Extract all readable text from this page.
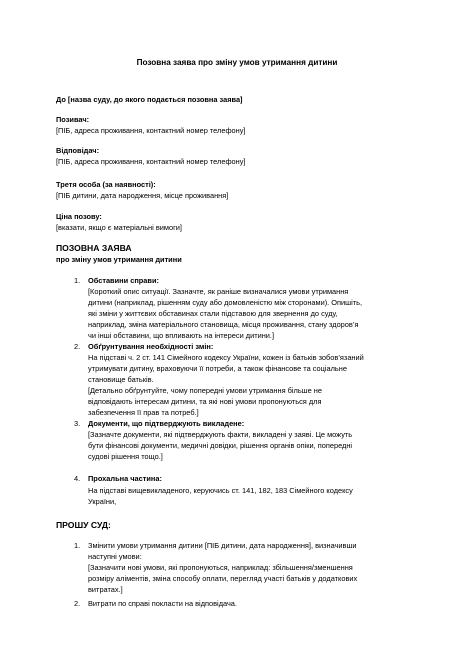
Позовна заява про зміну умов утримання дитини

До [назва суду, до якого подається позовна заява]

Позивач:

[ПІБ, адреса проживання, контактний номер телефону]

Відповідач:

[ПІБ, адреса проживання, контактний номер телефону]

Третя особа (за наявності):

[ПІБ дитини, дата народження, місце проживання]

Ціна позову:

[вказати, якщо є матеріальні вимоги]

ПОЗОВНА ЗАЯВА

про зміну умов утримання дитини

1. Обставини справи:

[Короткий опис ситуації. Зазначте, як раніше визначалися умови утримання

дитини (наприклад, рішенням суду або домовленістю між сторонами). Опишіть,

які зміни у життєвих обставинах стали підставою для звернення до суду,

наприклад, зміна матеріального становища, місця проживання, стану здоров’я

чи інші обставини, що впливають на інтереси дитини.]

2. Обґрунтування необхідності змін:

На підставі ч. 2 ст. 141 Сімейного кодексу України, кожен із батьків зобов’язаний

утримувати дитину, враховуючи її потреби, а також фінансове та соціальне

становище батьків.

[Детально обґрунтуйте, чому попередні умови утримання більше не

відповідають інтересам дитини, та які нові умови пропонуються для

забезпечення її прав та потреб.]

3. Документи, що підтверджують викладене:

[Зазначте документи, які підтверджують факти, викладені у заяві. Це можуть

бути фінансові документи, медичні довідки, рішення органів опіки, попередні

судові рішення тощо.]

4. Прохальна частина:

На підставі вищевикладеного, керуючись ст. 141, 182, 183 Сімейного кодексу

України,

ПРОШУ СУД:

1. Змінити умови утримання дитини [ПІБ дитини, дата народження], визначивши

наступні умови:

[Зазначити нові умови, які пропонуються, наприклад: збільшення/зменшення

розміру аліментів, зміна способу оплати, перегляд участі батьків у додаткових

витратах.]

2. Витрати по справі покласти на відповідача.
